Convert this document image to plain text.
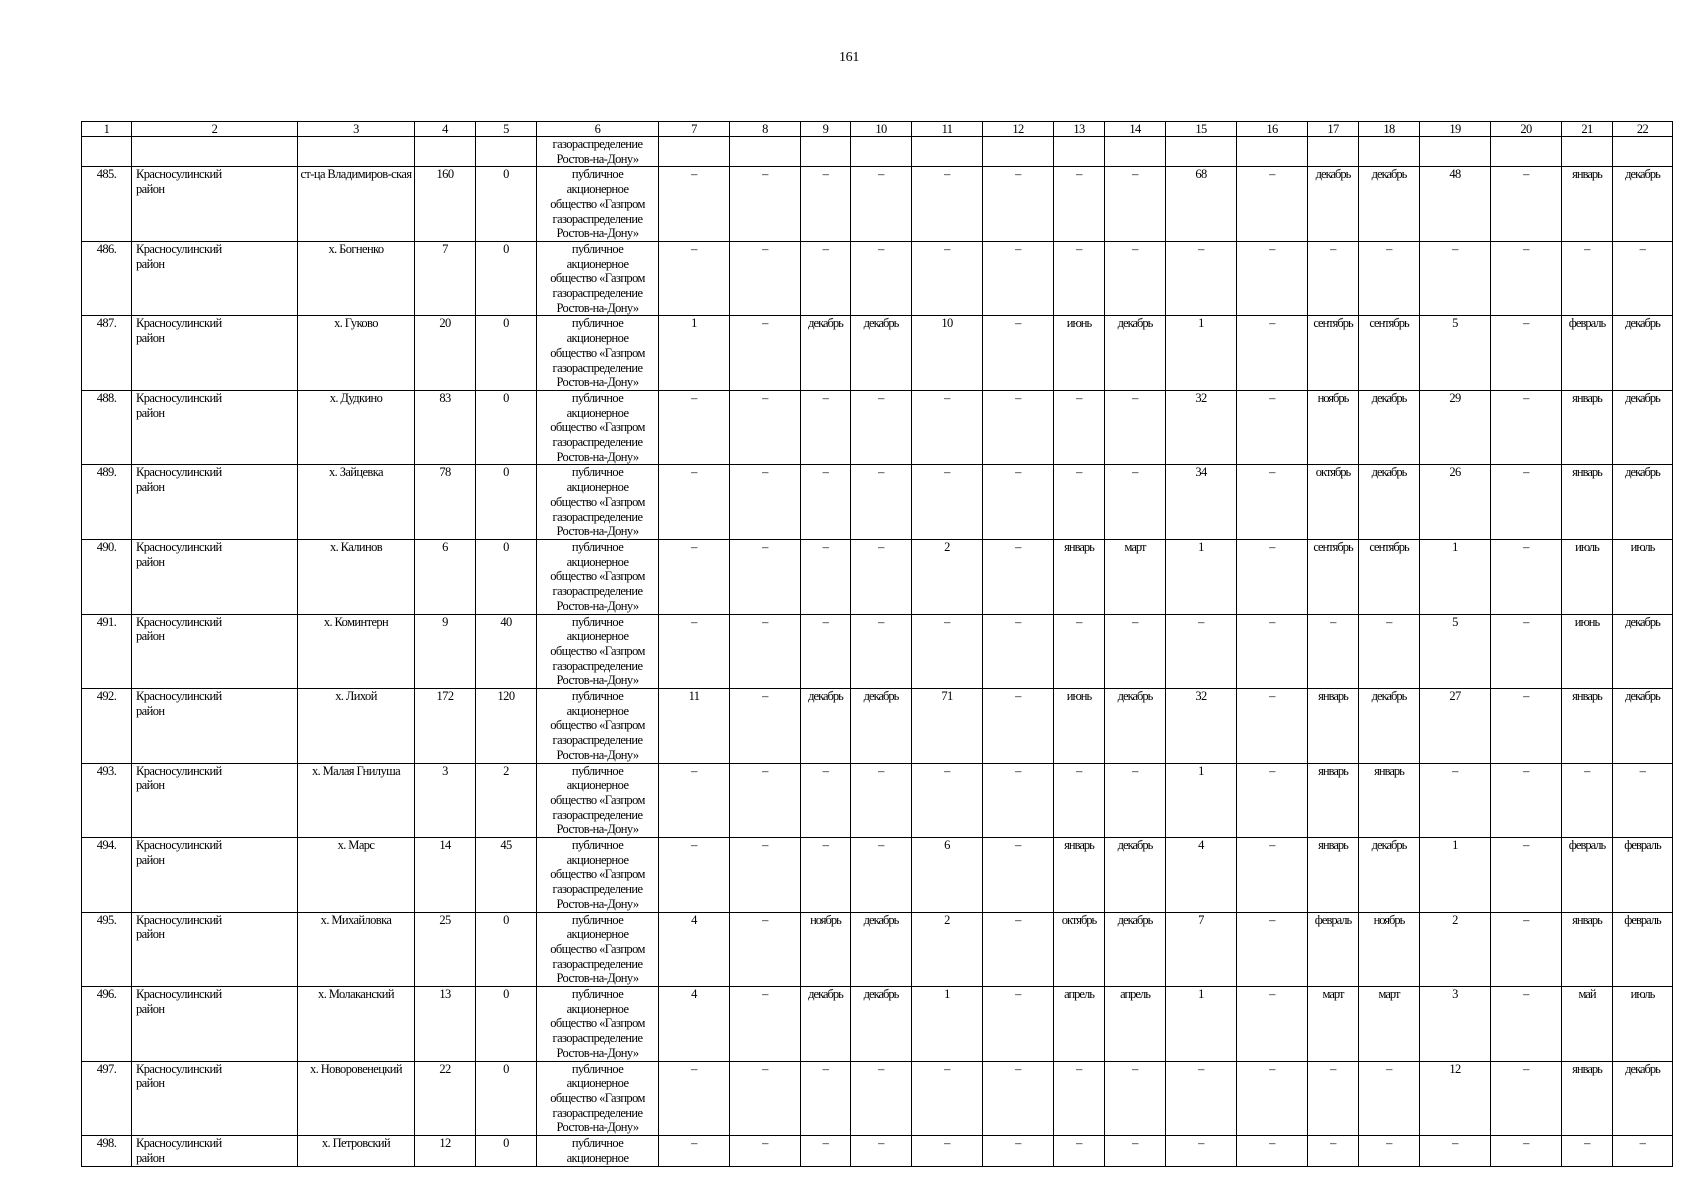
161
1	2	3	4	5	6	7	8	9	10	11	12	13	14	15	16	17	18	19	20	21	22
					газораспределение
Ростов-на-Дону»																
485.	Красносулинский
район	ст-ца Владимиров-ская	160	0	публичное
акционерное
общество «Газпром
газораспределение
Ростов-на-Дону»	–	–	–	–	–	–	–	–	68	–	декабрь	декабрь	48	–	январь	декабрь
486.	Красносулинский
район	х. Богненко	7	0	публичное
акционерное
общество «Газпром
газораспределение
Ростов-на-Дону»	–	–	–	–	–	–	–	–	–	–	–	–	–	–	–	–
487.	Красносулинский
район	х. Гуково	20	0	публичное
акционерное
общество «Газпром
газораспределение
Ростов-на-Дону»	1	–	декабрь	декабрь	10	–	июнь	декабрь	1	–	сентябрь	сентябрь	5	–	февраль	декабрь
488.	Красносулинский
район	х. Дудкино	83	0	публичное
акционерное
общество «Газпром
газораспределение
Ростов-на-Дону»	–	–	–	–	–	–	–	–	32	–	ноябрь	декабрь	29	–	январь	декабрь
489.	Красносулинский
район	х. Зайцевка	78	0	публичное
акционерное
общество «Газпром
газораспределение
Ростов-на-Дону»	–	–	–	–	–	–	–	–	34	–	октябрь	декабрь	26	–	январь	декабрь
490.	Красносулинский
район	х. Калинов	6	0	публичное
акционерное
общество «Газпром
газораспределение
Ростов-на-Дону»	–	–	–	–	2	–	январь	март	1	–	сентябрь	сентябрь	1	–	июль	июль
491.	Красносулинский
район	х. Коминтерн	9	40	публичное
акционерное
общество «Газпром
газораспределение
Ростов-на-Дону»	–	–	–	–	–	–	–	–	–	–	–	–	5	–	июнь	декабрь
492.	Красносулинский
район	х. Лихой	172	120	публичное
акционерное
общество «Газпром
газораспределение
Ростов-на-Дону»	11	–	декабрь	декабрь	71	–	июнь	декабрь	32	–	январь	декабрь	27	–	январь	декабрь
493.	Красносулинский
район	х. Малая Гнилуша	3	2	публичное
акционерное
общество «Газпром
газораспределение
Ростов-на-Дону»	–	–	–	–	–	–	–	–	1	–	январь	январь	–	–	–	–
494.	Красносулинский
район	х. Марс	14	45	публичное
акционерное
общество «Газпром
газораспределение
Ростов-на-Дону»	–	–	–	–	6	–	январь	декабрь	4	–	январь	декабрь	1	–	февраль	февраль
495.	Красносулинский
район	х. Михайловка	25	0	публичное
акционерное
общество «Газпром
газораспределение
Ростов-на-Дону»	4	–	ноябрь	декабрь	2	–	октябрь	декабрь	7	–	февраль	ноябрь	2	–	январь	февраль
496.	Красносулинский
район	х. Молаканский	13	0	публичное
акционерное
общество «Газпром
газораспределение
Ростов-на-Дону»	4	–	декабрь	декабрь	1	–	апрель	апрель	1	–	март	март	3	–	май	июль
497.	Красносулинский
район	х. Новоровенецкий	22	0	публичное
акционерное
общество «Газпром
газораспределение
Ростов-на-Дону»	–	–	–	–	–	–	–	–	–	–	–	–	12	–	январь	декабрь
498.	Красносулинский
район	х. Петровский	12	0	публичное
акционерное	–	–	–	–	–	–	–	–	–	–	–	–	–	–	–	–
